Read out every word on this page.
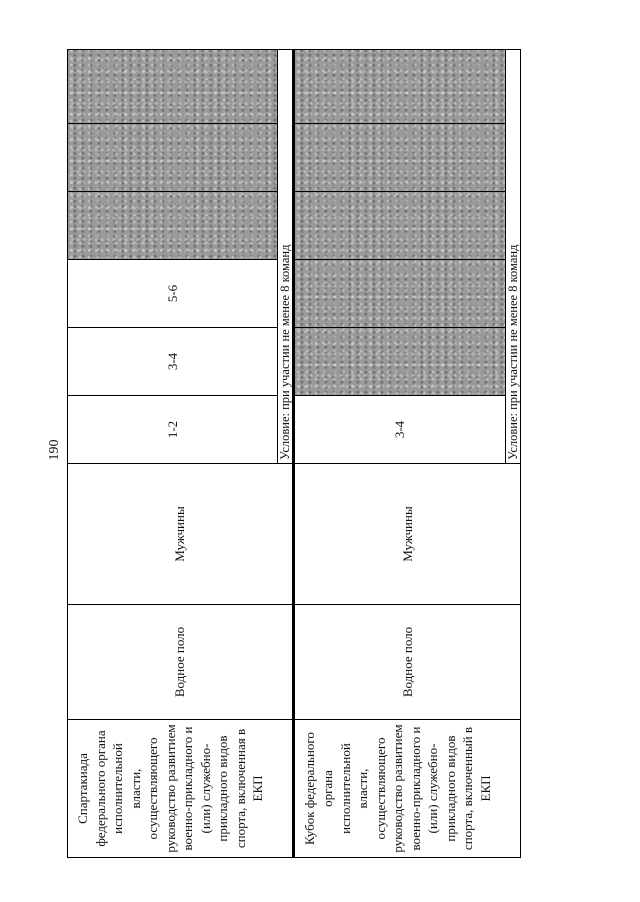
190
Спартакиада федерального органа исполнительной власти, осуществляющего руководство развитием военно-прикладного и (или) служебно-прикладного видов спорта, включенная в ЕКП	Водное поло	Мужчины	1-2	3-4	5-6			
			Условие: при участии не менее 8 команд					
Кубок федерального органа исполнительной власти, осуществляющего руководство развитием военно-прикладного и (или) служебно-прикладного видов спорта, включенный в ЕКП	Водное поло	Мужчины	3-4					
			Условие: при участии не менее 8 команд					
